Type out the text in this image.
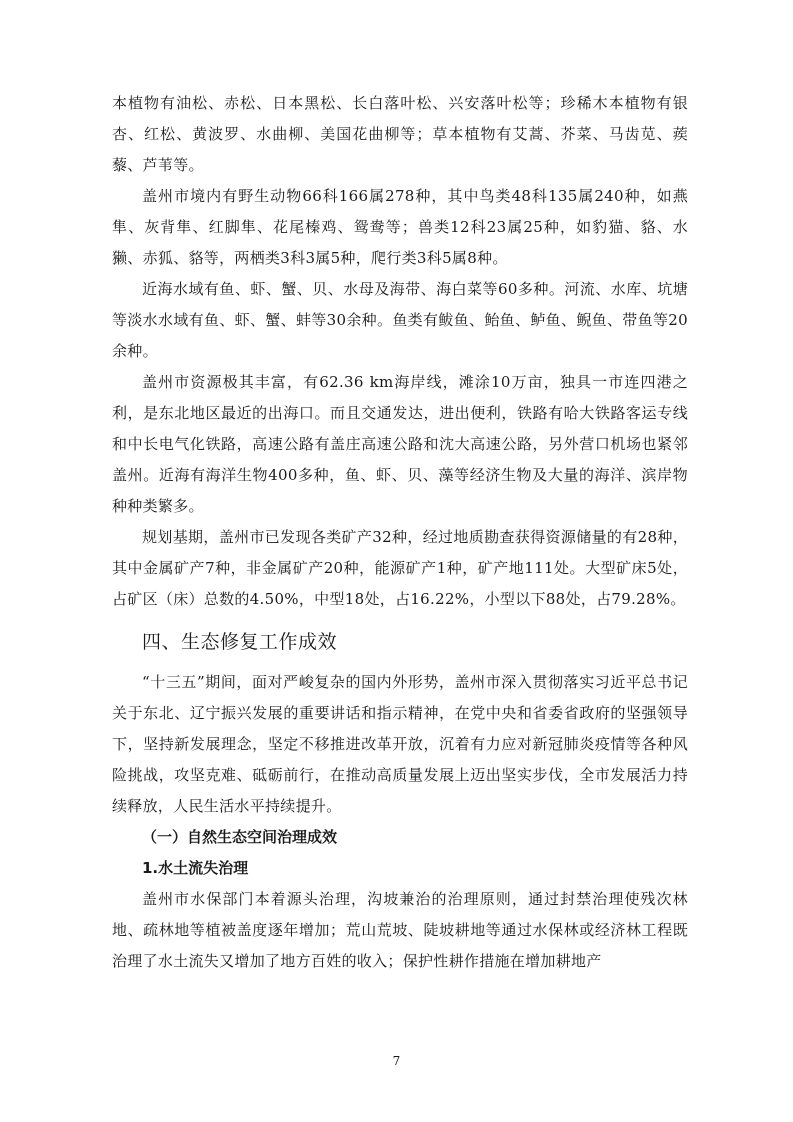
本植物有油松、赤松、日本黑松、长白落叶松、兴安落叶松等；珍稀木本植物有银杏、红松、黄波罗、水曲柳、美国花曲柳等；草本植物有艾蒿、芥菜、马齿苋、蒺藜、芦苇等。

盖州市境内有野生动物66科166属278种，其中鸟类48科135属240种，如燕隼、灰背隼、红脚隼、花尾榛鸡、鸳鸯等；兽类12科23属25种，如豹猫、貉、水獭、赤狐、貉等，两栖类3科3属5种，爬行类3科5属8种。

近海水域有鱼、虾、蟹、贝、水母及海带、海白菜等60多种。河流、水库、坑塘等淡水水域有鱼、虾、蟹、蚌等30余种。鱼类有鲅鱼、鲐鱼、鲈鱼、鲵鱼、带鱼等20余种。

盖州市资源极其丰富，有62.36 km海岸线，滩涂10万亩，独具一市连四港之利，是东北地区最近的出海口。而且交通发达，进出便利，铁路有哈大铁路客运专线和中长电气化铁路，高速公路有盖庄高速公路和沈大高速公路，另外营口机场也紧邻盖州。近海有海洋生物400多种，鱼、虾、贝、藻等经济生物及大量的海洋、滨岸物种种类繁多。

规划基期，盖州市已发现各类矿产32种，经过地质勘查获得资源储量的有28种，其中金属矿产7种，非金属矿产20种，能源矿产1种，矿产地111处。大型矿床5处，占矿区（床）总数的4.50%，中型18处，占16.22%，小型以下88处，占79.28%。

四、生态修复工作成效

“十三五”期间，面对严峻复杂的国内外形势，盖州市深入贯彻落实习近平总书记关于东北、辽宁振兴发展的重要讲话和指示精神，在党中央和省委省政府的坚强领导下，坚持新发展理念，坚定不移推进改革开放，沉着有力应对新冠肺炎疫情等各种风险挑战，攻坚克难、砥砺前行，在推动高质量发展上迈出坚实步伐，全市发展活力持续释放，人民生活水平持续提升。

（一）自然生态空间治理成效
1.水土流失治理

盖州市水保部门本着源头治理，沟坡兼治的治理原则，通过封禁治理使残次林地、疏林地等植被盖度逐年增加；荒山荒坡、陡坡耕地等通过水保林或经济林工程既治理了水土流失又增加了地方百姓的收入；保护性耕作措施在增加耕地产

7
